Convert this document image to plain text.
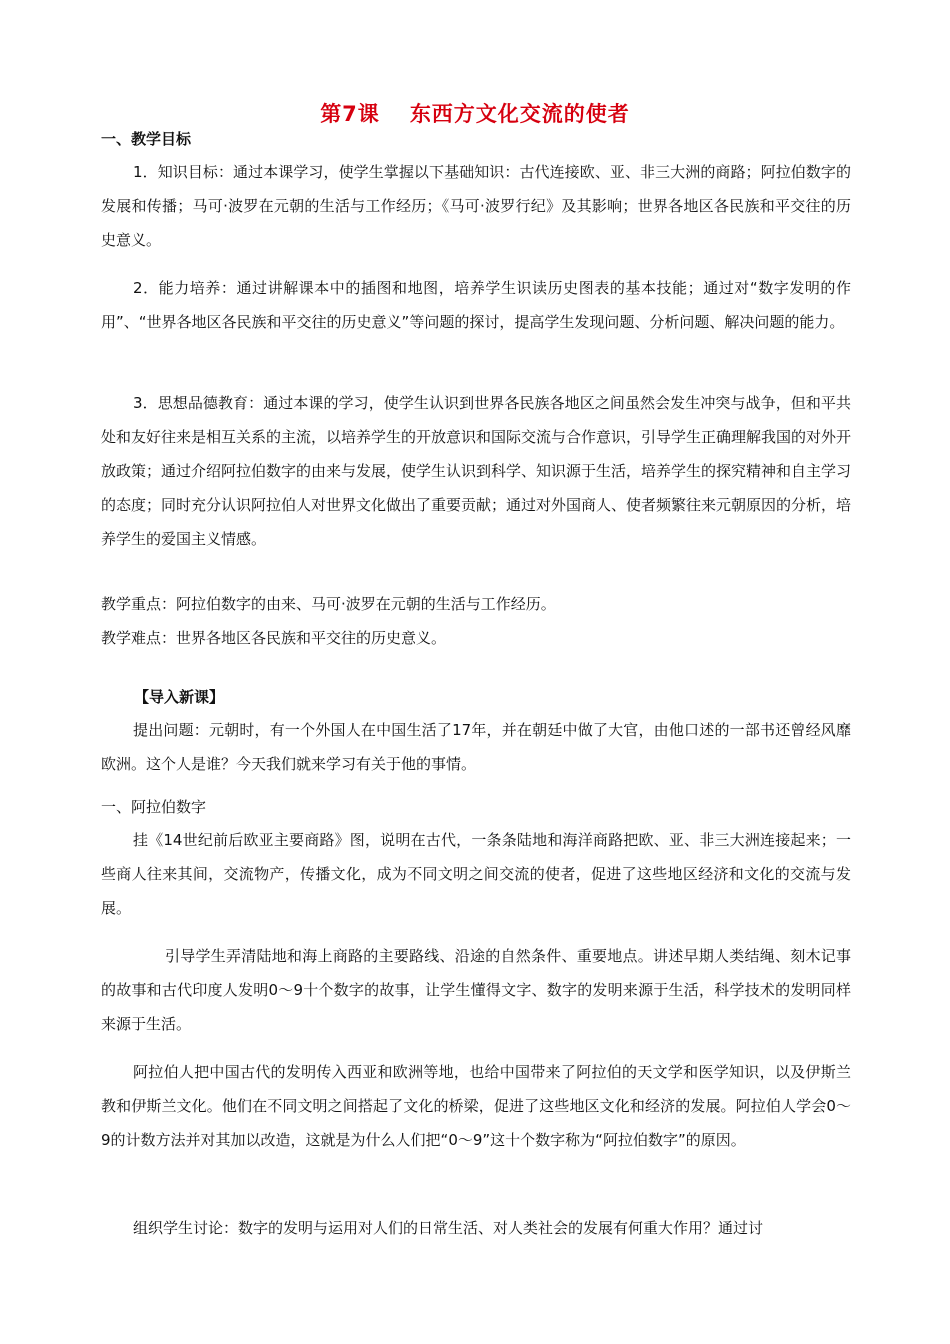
第7课 东西方文化交流的使者
一、教学目标

1．知识目标：通过本课学习，使学生掌握以下基础知识：古代连接欧、亚、非三大洲的商路；阿拉伯数字的发展和传播；马可·波罗在元朝的生活与工作经历；《马可·波罗行纪》及其影响；世界各地区各民族和平交往的历史意义。

2．能力培养：通过讲解课本中的插图和地图，培养学生识读历史图表的基本技能；通过对“数字发明的作用”、“世界各地区各民族和平交往的历史意义”等问题的探讨，提高学生发现问题、分析问题、解决问题的能力。

3．思想品德教育：通过本课的学习，使学生认识到世界各民族各地区之间虽然会发生冲突与战争，但和平共处和友好往来是相互关系的主流，以培养学生的开放意识和国际交流与合作意识，引导学生正确理解我国的对外开放政策；通过介绍阿拉伯数字的由来与发展，使学生认识到科学、知识源于生活，培养学生的探究精神和自主学习的态度；同时充分认识阿拉伯人对世界文化做出了重要贡献；通过对外国商人、使者频繁往来元朝原因的分析，培养学生的爱国主义情感。

教学重点：阿拉伯数字的由来、马可·波罗在元朝的生活与工作经历。
教学难点：世界各地区各民族和平交往的历史意义。
【导入新课】

提出问题：元朝时，有一个外国人在中国生活了17年，并在朝廷中做了大官，由他口述的一部书还曾经风靡欧洲。这个人是谁？今天我们就来学习有关于他的事情。

一、阿拉伯数字

挂《14世纪前后欧亚主要商路》图，说明在古代，一条条陆地和海洋商路把欧、亚、非三大洲连接起来；一些商人往来其间，交流物产，传播文化，成为不同文明之间交流的使者，促进了这些地区经济和文化的交流与发展。

引导学生弄清陆地和海上商路的主要路线、沿途的自然条件、重要地点。讲述早期人类结绳、刻木记事的故事和古代印度人发明0～9十个数字的故事，让学生懂得文字、数字的发明来源于生活，科学技术的发明同样来源于生活。

阿拉伯人把中国古代的发明传入西亚和欧洲等地，也给中国带来了阿拉伯的天文学和医学知识，以及伊斯兰教和伊斯兰文化。他们在不同文明之间搭起了文化的桥梁，促进了这些地区文化和经济的发展。阿拉伯人学会0～9的计数方法并对其加以改造，这就是为什么人们把“0～9”这十个数字称为“阿拉伯数字”的原因。

组织学生讨论：数字的发明与运用对人们的日常生活、对人类社会的发展有何重大作用？通过讨
